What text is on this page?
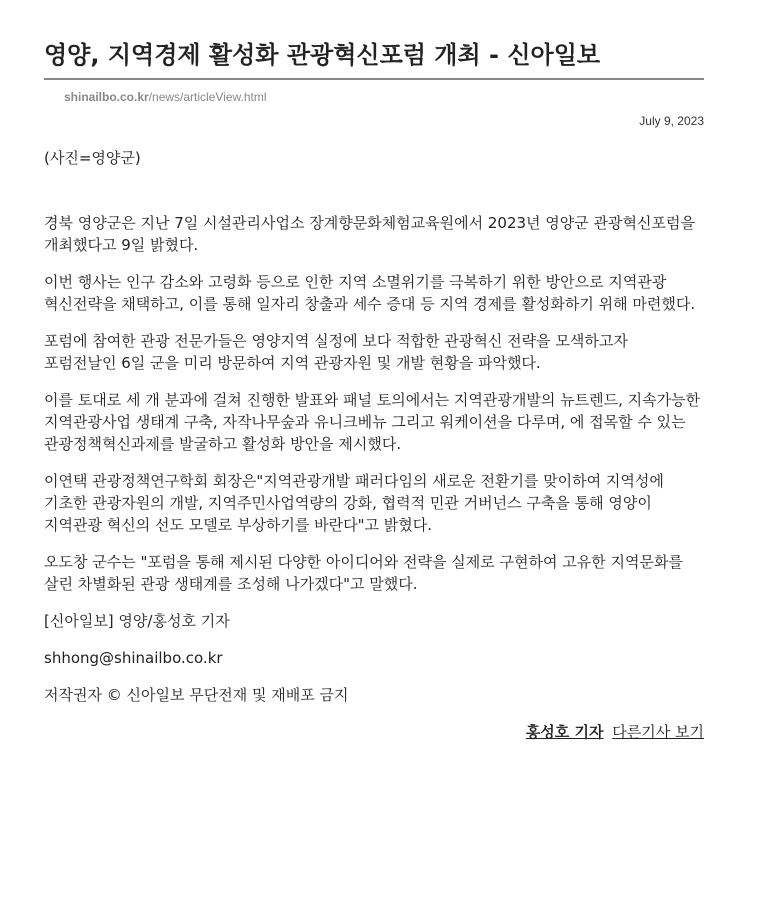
영양, 지역경제 활성화 관광혁신포럼 개최 - 신아일보
shinailbo.co.kr/news/articleView.html
July 9, 2023
(사진=영양군)

경북 영양군은 지난 7일 시설관리사업소 장계향문화체험교육원에서 2023년 영양군 관광혁신포럼을 개최했다고 9일 밝혔다.

이번 행사는 인구 감소와 고령화 등으로 인한 지역 소멸위기를 극복하기 위한 방안으로 지역관광 혁신전략을 채택하고, 이를 통해 일자리 창출과 세수 증대 등 지역 경제를 활성화하기 위해 마련했다.

포럼에 참여한 관광 전문가들은 영양지역 실정에 보다 적합한 관광혁신 전략을 모색하고자 포럼전날인 6일 군을 미리 방문하여 지역 관광자원 및 개발 현황을 파악했다.

이를 토대로 세 개 분과에 걸쳐 진행한 발표와 패널 토의에서는 지역관광개발의 뉴트렌드, 지속가능한 지역관광사업 생태계 구축, 자작나무숲과 유니크베뉴 그리고 워케이션을 다루며, 에 접목할 수 있는 관광정책혁신과제를 발굴하고 활성화 방안을 제시했다.

이연택 관광정책연구학회 회장은"지역관광개발 패러다임의 새로운 전환기를 맞이하여 지역성에 기초한 관광자원의 개발, 지역주민사업역량의 강화, 협력적 민관 거버넌스 구축을 통해 영양이 지역관광 혁신의 선도 모델로 부상하기를 바란다"고 밝혔다.

오도창 군수는 "포럼을 통해 제시된 다양한 아이디어와 전략을 실제로 구현하여 고유한 지역문화를 살린 차별화된 관광 생태계를 조성해 나가겠다"고 말했다.

[신아일보] 영양/홍성호 기자

shhong@shinailbo.co.kr

저작권자 © 신아일보 무단전재 및 재배포 금지

홍성호 기자 다른기사 보기
